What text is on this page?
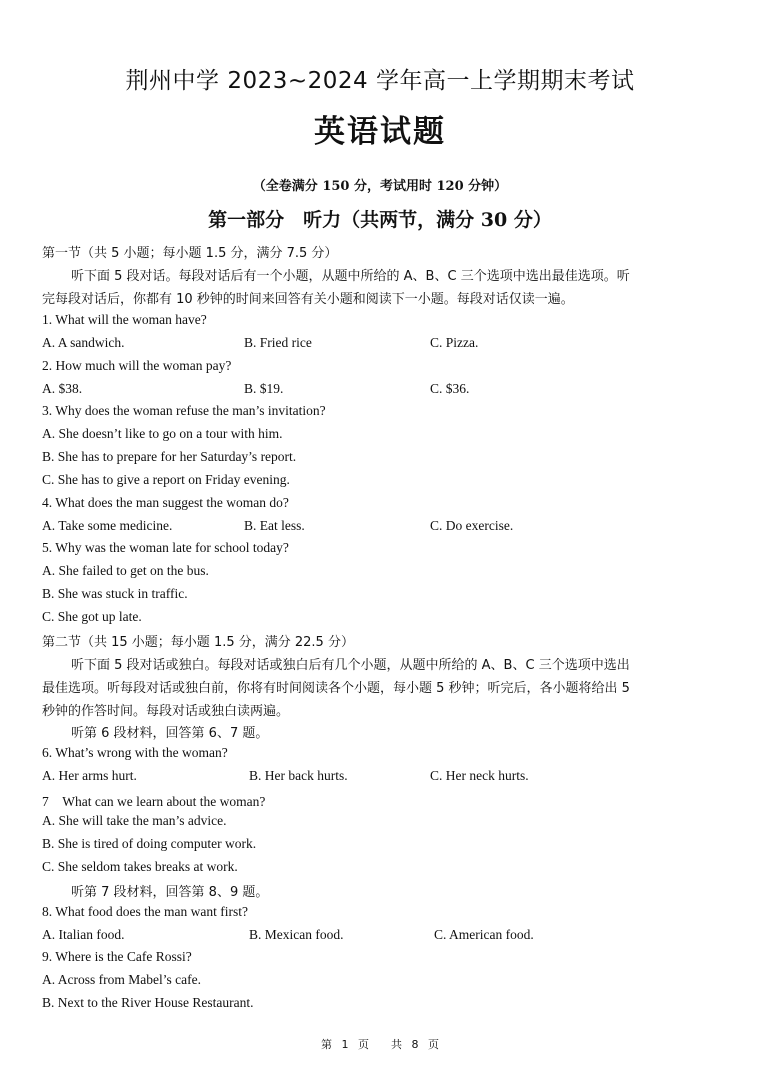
荆州中学 2023~2024 学年高一上学期期末考试
英语试题
（全卷满分 150 分，考试用时 120 分钟）
第一部分　听力（共两节，满分 30 分）
第一节（共 5 小题；每小题 1.5 分，满分 7.5 分）
听下面 5 段对话。每段对话后有一个小题，从题中所给的 A、B、C 三个选项中选出最佳选项。听
完每段对话后，你都有 10 秒钟的时间来回答有关小题和阅读下一小题。每段对话仅读一遍。
1. What will the woman have?
A. A sandwich.	B. Fried rice	C. Pizza.
2. How much will the woman pay?
A. $38.	B. $19.	C. $36.
3. Why does the woman refuse the man’s invitation?
A. She doesn’t like to go on a tour with him.
B. She has to prepare for her Saturday’s report.
C. She has to give a report on Friday evening.
4. What does the man suggest the woman do?
A. Take some medicine.	B. Eat less.	C. Do exercise.
5. Why was the woman late for school today?
A. She failed to get on the bus.
B. She was stuck in traffic.
C. She got up late.
第二节（共 15 小题；每小题 1.5 分，满分 22.5 分）
听下面 5 段对话或独白。每段对话或独白后有几个小题，从题中所给的 A、B、C 三个选项中选出
最佳选项。听每段对话或独白前，你将有时间阅读各个小题，每小题 5 秒钟；听完后，各小题将给出 5
秒钟的作答时间。每段对话或独白读两遍。
听第 6 段材料，回答第 6、7 题。
6. What’s wrong with the woman?
A. Her arms hurt.	B. Her back hurts.	C. Her neck hurts.
7　What can we learn about the woman?
A. She will take the man’s advice.
B. She is tired of doing computer work.
C. She seldom takes breaks at work.
听第 7 段材料，回答第 8、9 题。
8. What food does the man want first?
A. Italian food.	B. Mexican food.	C. American food.
9. Where is the Cafe Rossi?
A. Across from Mabel’s cafe.
B. Next to the River House Restaurant.
第 1 页　　共 8 页
